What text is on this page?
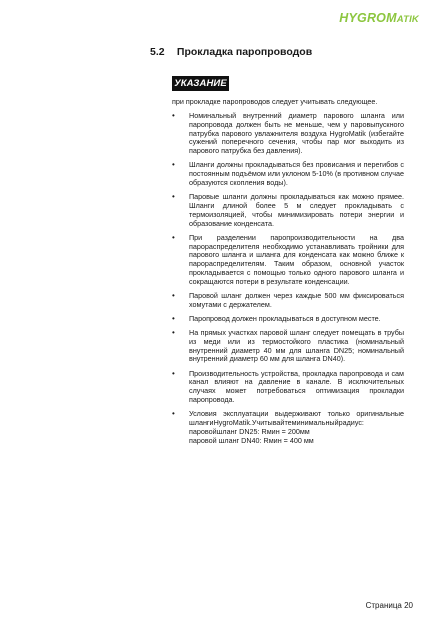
HYGROMATIK
5.2 Прокладка паропроводов
УКАЗАНИЕ
при прокладке паропроводов следует учитывать следующее.
• Номинальный внутренний диаметр парового шланга или паропровода должен быть не меньше, чем у паровыпускного патрубка парового увлажнителя воздуха HygroMatik (избегайте сужений поперечного сечения, чтобы пар мог выходить из парового патрубка без давления).
• Шланги должны прокладываться без провисания и перегибов с постоянным подъёмом или уклоном 5-10% (в противном случае образуются скопления воды).
• Паровые шланги должны прокладываться как можно прямее. Шланги длиной более 5 м следует прокладывать с термоизоляцией, чтобы минимизировать потери энергии и образование конденсата.
• При разделении паропроизводительности на два парораспределителя необходимо устанавливать тройники для парового шланга и шланга для конденсата как можно ближе к парораспределителям. Таким образом, основной участок прокладывается с помощью только одного парового шланга и сокращаются потери в результате конденсации.
• Паровой шланг должен через каждые 500 мм фиксироваться хомутами с держателем.
• Паропровод должен прокладываться в доступном месте.
• На прямых участках паровой шланг следует помещать в трубы из меди или из термостойкого пластика (номинальный внутренний диаметр 40 мм для шланга DN25; номинальный внутренний диаметр 60 мм для шланга DN40).
• Производительность устройства, прокладка паропровода и сам канал влияют на давление в канале. В исключительных случаях может потребоваться оптимизация прокладки паропровода.
• Условия эксплуатации выдерживают только оригинальные шлангиHygroMatik.Учитывайтеминимальныйрадиус:
паровойшланг DN25: Rмин = 200мм
паровой шланг DN40: Rмин = 400 мм
Страница 20
